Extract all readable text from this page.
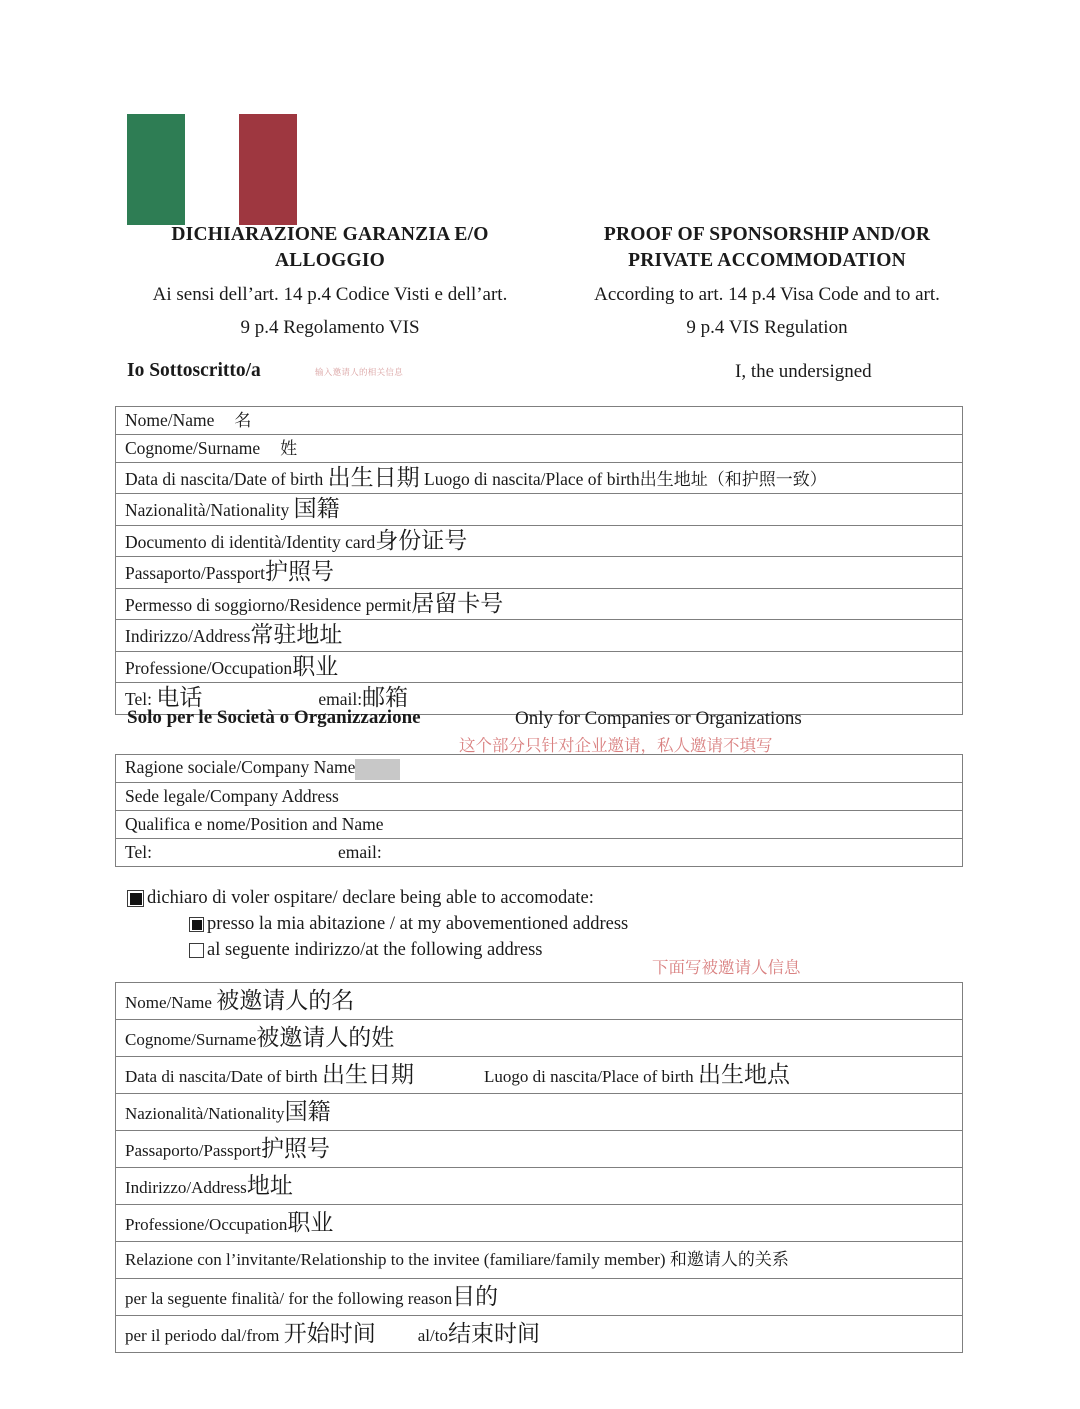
DICHIARAZIONE GARANZIA E/O
ALLOGGIO
Ai sensi dell’art. 14 p.4 Codice Visti e dell’art.
9 p.4 Regolamento VIS
PROOF OF SPONSORSHIP AND/OR
PRIVATE ACCOMMODATION
According to art. 14 p.4 Visa Code and to art.
9 p.4 VIS Regulation
Io Sottoscritto/a	输入邀请人的相关信息	I, the undersigned
Nome/Name 名
Cognome/Surname 姓
Data di nascita/Date of birth 出生日期 Luogo di nascita/Place of birth出生地址（和护照一致）
Nazionalità/Nationality 国籍
Documento di identità/Identity card身份证号
Passaporto/Passport护照号
Permesso di soggiorno/Residence permit居留卡号
Indirizzo/Address常驻地址
Professione/Occupation职业
Tel: 电话	email:邮箱
Solo per le Società o Organizzazione	Only for Companies or Organizations
这个部分只针对企业邀请，私人邀请不填写
Ragione sociale/Company Name
Sede legale/Company Address
Qualifica e nome/Position and Name
Tel:	email:
dichiaro di voler ospitare/ declare being able to accomodate:
presso la mia abitazione / at my abovementioned address
al seguente indirizzo/at the following address
下面写被邀请人信息
Nome/Name 被邀请人的名
Cognome/Surname被邀请人的姓
Data di nascita/Date of birth 出生日期	Luogo di nascita/Place of birth 出生地点
Nazionalità/Nationality国籍
Passaporto/Passport护照号
Indirizzo/Address地址
Professione/Occupation职业
Relazione con l’invitante/Relationship to the invitee (familiare/family member) 和邀请人的关系
per la seguente finalità/ for the following reason目的
per il periodo dal/from 开始时间 al/to结束时间
